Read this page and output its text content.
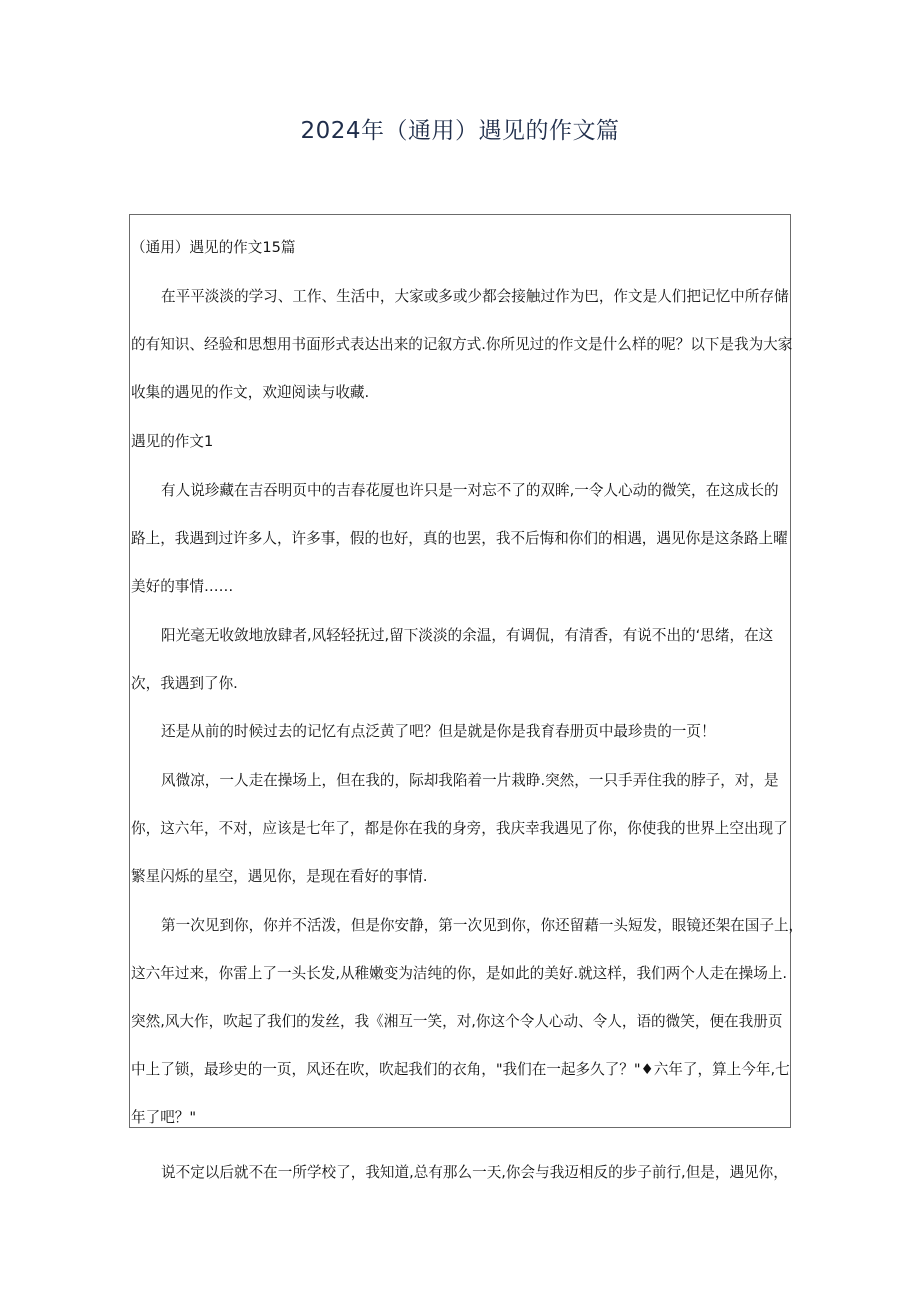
2024年（通用）遇见的作文篇
（通用）遇见的作文15篇
在平平淡淡的学习、工作、生活中，大家或多或少都会接触过作为巴，作文是人们把记忆中所存储
的有知识、经验和思想用书面形式表达出来的记叙方式.你所见过的作文是什么样的呢？以下是我为大家
收集的遇见的作文，欢迎阅读与收藏.
遇见的作文1
有人说珍藏在吉吞明页中的吉春花厦也许只是一对忘不了的双眸,一令人心动的微笑，在这成长的
路上，我遇到过许多人，许多事，假的也好，真的也罢，我不后悔和你们的相遇，遇见你是这条路上曜
美好的事情……
阳光毫无收敛地放肆者,风轻轻抚过,留下淡淡的余温，有调侃，有清香，有说不出的‘思绪，在这
次，我遇到了你.
还是从前的时候过去的记忆有点泛黄了吧？但是就是你是我育春册页中最珍贵的一页！
风微凉，一人走在操场上，但在我的，际却我陷着一片栽睁.突然，一只手弄住我的脖子，对，是
你，这六年，不对，应该是七年了，都是你在我的身旁，我庆幸我遇见了你，你使我的世界上空出现了
繁星闪烁的星空，遇见你，是现在看好的事情.
第一次见到你，你并不活泼，但是你安静，第一次见到你，你还留藉一头短发，眼镜还架在国子上，
这六年过来，你雷上了一头长发,从稚嫩变为洁纯的你，是如此的美好.就这样，我们两个人走在操场上.
突然,风大作，吹起了我们的发丝，我《湘互一笑，对,你这个令人心动、令人，语的微笑，便在我册页
中上了锁，最珍史的一页，风还在吹，吹起我们的衣角，"我们在一起多久了？"♦六年了，算上今年,七
年了吧？"
说不定以后就不在一所学校了，我知道,总有那么一天,你会与我迈相反的步子前行,但是，遇见你，
